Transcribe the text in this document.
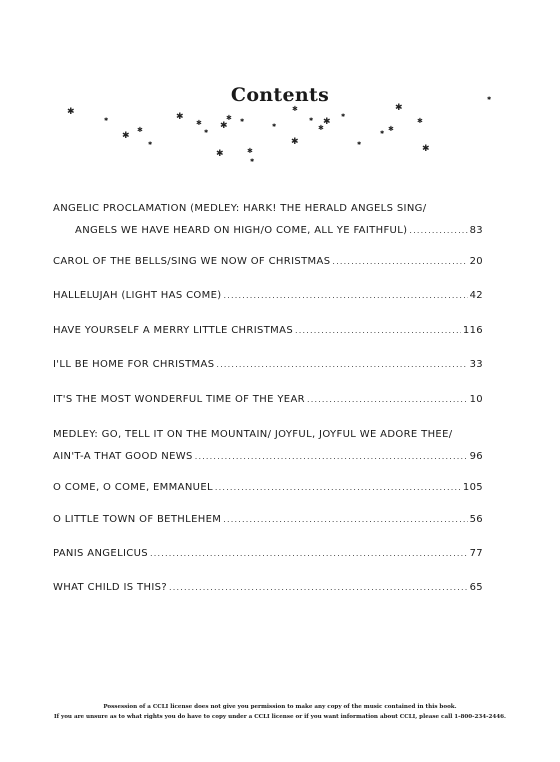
Contents
✱
✱
✱
✱
✱
✱
✱
✱
✱
✱ ✱
✱	✱
✱
✱
✱
✱
✱
✱
✱
✱
✱
✱
✱
✱
✱
✱
✱
ANGELIC PROCLAMATION (MEDLEY: HARK! THE HERALD ANGELS SING/
ANGELS WE HAVE HEARD ON HIGH/O COME, ALL YE FAITHFUL) .....	83
CAROL OF THE BELLS/SING WE NOW OF CHRISTMAS .....	20
HALLELUJAH (LIGHT HAS COME) .....	42
HAVE YOURSELF A MERRY LITTLE CHRISTMAS .....	116
I'LL BE HOME FOR CHRISTMAS .....	33
IT'S THE MOST WONDERFUL TIME OF THE YEAR .....	10
MEDLEY: GO, TELL IT ON THE MOUNTAIN/ JOYFUL, JOYFUL WE ADORE THEE/
AIN'T-A THAT GOOD NEWS .....	96
O COME, O COME, EMMANUEL .....	105
O LITTLE TOWN OF BETHLEHEM .....	56
PANIS ANGELICUS .....	77
WHAT CHILD IS THIS? .....	65
Possession of a CCLI license does not give you permission to make any copy of the music contained in this book.
If you are unsure as to what rights you do have to copy under a CCLI license or if you want information about CCLI, please call 1-800-234-2446.
